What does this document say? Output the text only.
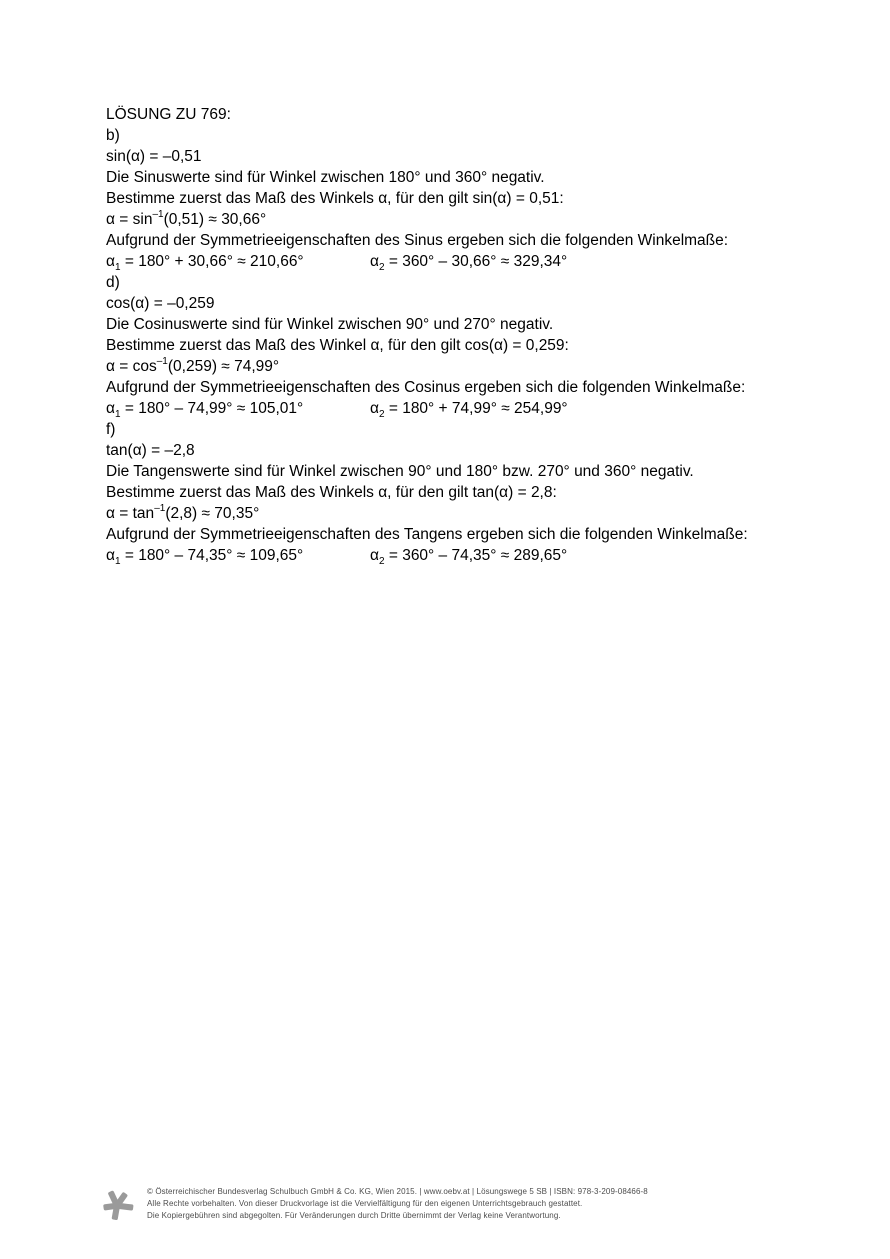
LÖSUNG ZU 769:
b)
sin(α) = –0,51

Die Sinuswerte sind für Winkel zwischen 180° und 360° negativ.

Bestimme zuerst das Maß des Winkels α, für den gilt sin(α) = 0,51:

$\alpha = \sin^{-1}(0,51) \approx 30,66^\circ$

Aufgrund der Symmetrieeigenschaften des Sinus ergeben sich die folgenden Winkelmaße:

$\alpha_1 = 180^\circ + 30,66^\circ \approx 210,66^\circ$	$\alpha_2 = 360^\circ - 30,66^\circ \approx 329,34^\circ$
d)
cos(α) = –0,259

Die Cosinuswerte sind für Winkel zwischen 90° und 270° negativ.

Bestimme zuerst das Maß des Winkel α, für den gilt cos(α) = 0,259:

$\alpha = \cos^{-1}(0,259) \approx 74,99^\circ$

Aufgrund der Symmetrieeigenschaften des Cosinus ergeben sich die folgenden Winkelmaße:

$\alpha_1 = 180^\circ - 74,99^\circ \approx 105,01^\circ$	$\alpha_2 = 180^\circ + 74,99^\circ \approx 254,99^\circ$
f)
tan(α) = –2,8

Die Tangenswerte sind für Winkel zwischen 90° und 180° bzw. 270° und 360° negativ.

Bestimme zuerst das Maß des Winkels α, für den gilt tan(α) = 2,8:

$\alpha = \tan^{-1}(2,8) \approx 70,35^\circ$

Aufgrund der Symmetrieeigenschaften des Tangens ergeben sich die folgenden Winkelmaße:

$\alpha_1 = 180^\circ - 74,35^\circ \approx 109,65^\circ$	$\alpha_2 = 360^\circ - 74,35^\circ \approx 289,65^\circ$
© Österreichischer Bundesverlag Schulbuch GmbH & Co. KG, Wien 2015. | www.oebv.at | Lösungswege 5 SB | ISBN: 978-3-209-08466-8
Alle Rechte vorbehalten. Von dieser Druckvorlage ist die Vervielfältigung für den eigenen Unterrichtsgebrauch gestattet.
Die Kopiergebühren sind abgegolten. Für Veränderungen durch Dritte übernimmt der Verlag keine Verantwortung.
